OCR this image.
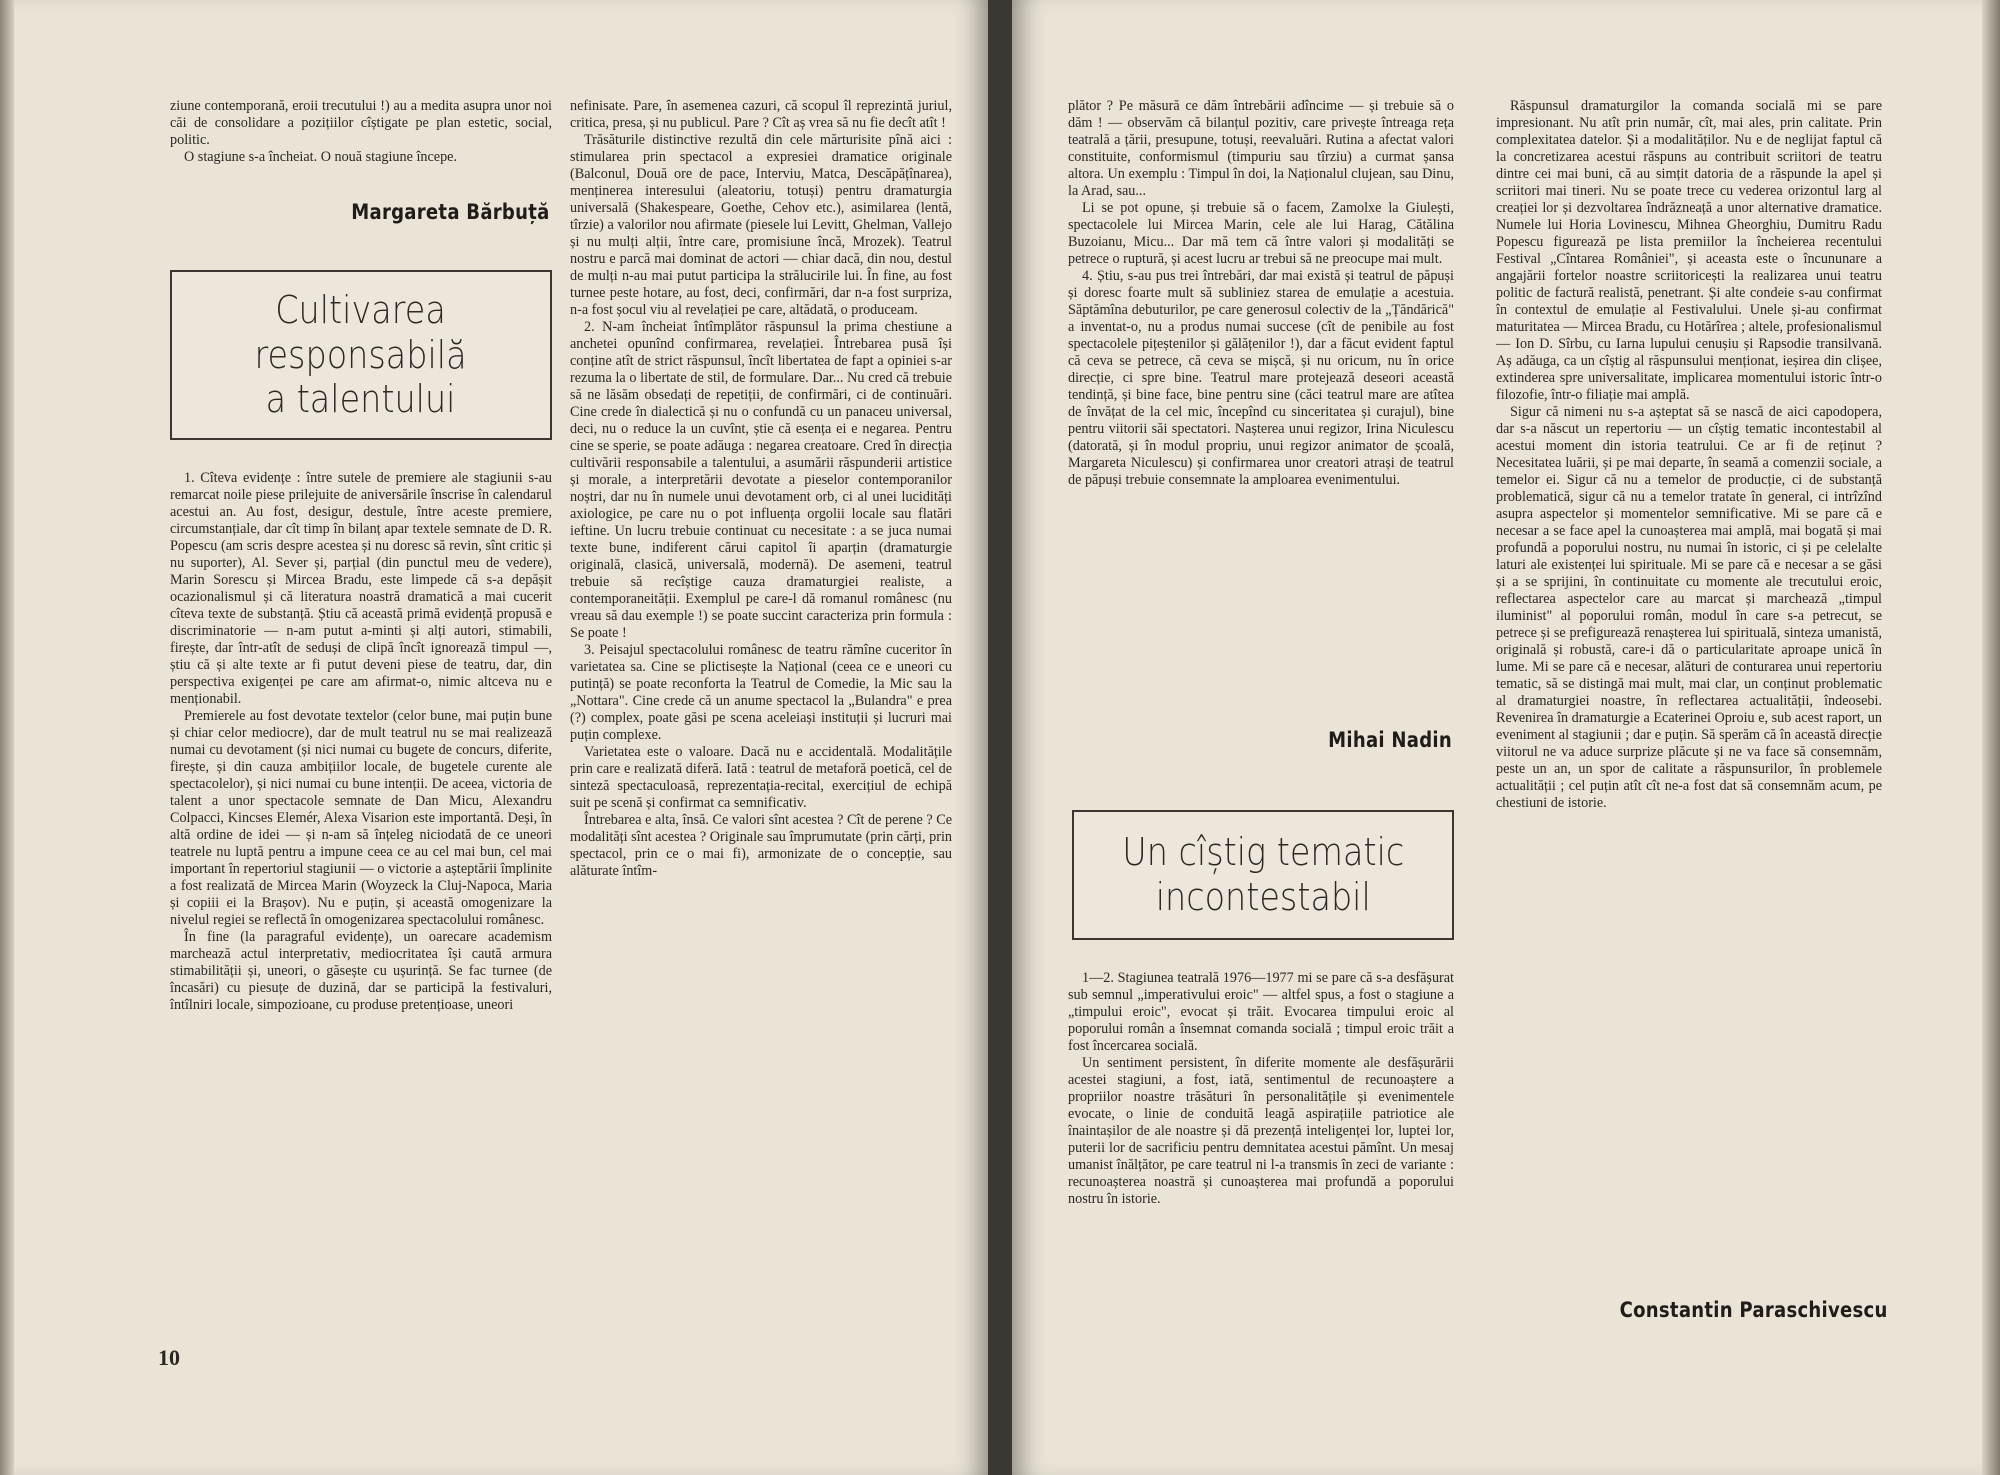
ziune contemporană, eroii trecutului !) au a medita asupra unor noi căi de consolidare a pozițiilor cîștigate pe plan estetic, social, politic.

O stagiune s-a încheiat. O nouă stagiune începe.

Margareta Bărbuță
Cultivarea
responsabilă
a talentului

1. Cîteva evidențe : între sutele de premiere ale stagiunii s-au remarcat noile piese prilejuite de aniversările înscrise în calendarul acestui an. Au fost, desigur, destule, între aceste premiere, circumstanțiale, dar cît timp în bilanț apar textele semnate de D. R. Popescu (am scris despre acestea și nu doresc să revin, sînt critic și nu suporter), Al. Sever și, parțial (din punctul meu de vedere), Marin Sorescu și Mircea Bradu, este limpede că s-a depășit ocazionalismul și că literatura noastră dramatică a mai cucerit cîteva texte de substanță. Știu că această primă evidență propusă e discriminatorie — n-am putut a-minti și alți autori, stimabili, firește, dar într-atît de seduși de clipă încît ignorează timpul —, știu că și alte texte ar fi putut deveni piese de teatru, dar, din perspectiva exigenței pe care am afirmat-o, nimic altceva nu e menționabil.

Premierele au fost devotate textelor (celor bune, mai puțin bune și chiar celor mediocre), dar de mult teatrul nu se mai realizează numai cu devotament (și nici numai cu bugete de concurs, diferite, firește, și din cauza ambițiilor locale, de bugetele curente ale spectacolelor), și nici numai cu bune intenții. De aceea, victoria de talent a unor spectacole semnate de Dan Micu, Alexandru Colpacci, Kincses Elemér, Alexa Visarion este importantă. Deși, în altă ordine de idei — și n-am să înțeleg niciodată de ce uneori teatrele nu luptă pentru a impune ceea ce au cel mai bun, cel mai important în repertoriul stagiunii — o victorie a așteptării împlinite a fost realizată de Mircea Marin (Woyzeck la Cluj-Napoca, Maria și copiii ei la Brașov). Nu e puțin, și această omogenizare la nivelul regiei se reflectă în omogenizarea spectacolului românesc.

În fine (la paragraful evidențe), un oarecare academism marchează actul interpretativ, mediocritatea își caută armura stimabilității și, uneori, o găsește cu ușurință. Se fac turnee (de încasări) cu piesuțe de duzină, dar se participă la festivaluri, întîlniri locale, simpozioane, cu produse pretențioase, uneori

nefinisate. Pare, în asemenea cazuri, că scopul îl reprezintă juriul, critica, presa, și nu publicul. Pare ? Cît aș vrea să nu fie decît atît !

Trăsăturile distinctive rezultă din cele mărturisite pînă aici : stimularea prin spectacol a expresiei dramatice originale (Balconul, Două ore de pace, Interviu, Matca, Descăpățînarea), menținerea interesului (aleatoriu, totuși) pentru dramaturgia universală (Shakespeare, Goethe, Cehov etc.), asimilarea (lentă, tîrzie) a valorilor nou afirmate (piesele lui Levitt, Ghelman, Vallejo și nu mulți alții, între care, promisiune încă, Mrozek). Teatrul nostru e parcă mai dominat de actori — chiar dacă, din nou, destul de mulți n-au mai putut participa la strălucirile lui. În fine, au fost turnee peste hotare, au fost, deci, confirmări, dar n-a fost surpriza, n-a fost șocul viu al revelației pe care, altădată, o produceam.

2. N-am încheiat întîmplător răspunsul la prima chestiune a anchetei opunînd confirmarea, revelației. Întrebarea pusă își conține atît de strict răspunsul, încît libertatea de fapt a opiniei s-ar rezuma la o libertate de stil, de formulare. Dar... Nu cred că trebuie să ne lăsăm obsedați de repetiții, de confirmări, ci de continuări. Cine crede în dialectică și nu o confundă cu un panaceu universal, deci, nu o reduce la un cuvînt, știe că esența ei e negarea. Pentru cine se sperie, se poate adăuga : negarea creatoare. Cred în direcția cultivării responsabile a talentului, a asumării răspunderii artistice și morale, a interpretării devotate a pieselor contemporanilor noștri, dar nu în numele unui devotament orb, ci al unei lucidități axiologice, pe care nu o pot influența orgolii locale sau flatări ieftine. Un lucru trebuie continuat cu necesitate : a se juca numai texte bune, indiferent cărui capitol îi aparțin (dramaturgie originală, clasică, universală, modernă). De asemeni, teatrul trebuie să recîștige cauza dramaturgiei realiste, a contemporaneității. Exemplul pe care-l dă romanul românesc (nu vreau să dau exemple !) se poate succint caracteriza prin formula : Se poate !

3. Peisajul spectacolului românesc de teatru rămîne cuceritor în varietatea sa. Cine se plictisește la Național (ceea ce e uneori cu putință) se poate reconforta la Teatrul de Comedie, la Mic sau la „Nottara". Cine crede că un anume spectacol la „Bulandra" e prea (?) complex, poate găsi pe scena aceleiași instituții și lucruri mai puțin complexe.

Varietatea este o valoare. Dacă nu e accidentală. Modalitățile prin care e realizată diferă. Iată : teatrul de metaforă poetică, cel de sinteză spectaculoasă, reprezentația-recital, exercițiul de echipă suit pe scenă și confirmat ca semnificativ.

Întrebarea e alta, însă. Ce valori sînt acestea ? Cît de perene ? Ce modalități sînt acestea ? Originale sau împrumutate (prin cărți, prin spectacol, prin ce o mai fi), armonizate de o concepție, sau alăturate întîm-

10

plător ? Pe măsură ce dăm întrebării adîncime — și trebuie să o dăm ! — observăm că bilanțul pozitiv, care privește întreaga reța teatrală a țării, presupune, totuși, reevaluări. Rutina a afectat valori constituite, conformismul (timpuriu sau tîrziu) a curmat șansa altora. Un exemplu : Timpul în doi, la Naționalul clujean, sau Dinu, la Arad, sau...

Li se pot opune, și trebuie să o facem, Zamolxe la Giulești, spectacolele lui Mircea Marin, cele ale lui Harag, Cătălina Buzoianu, Micu... Dar mă tem că între valori și modalități se petrece o ruptură, și acest lucru ar trebui să ne preocupe mai mult.

4. Știu, s-au pus trei întrebări, dar mai există și teatrul de păpuși și doresc foarte mult să subliniez starea de emulație a acestuia. Săptămîna debuturilor, pe care generosul colectiv de la „Țăndărică" a inventat-o, nu a produs numai succese (cît de penibile au fost spectacolele pițeștenilor și gălățenilor !), dar a făcut evident faptul că ceva se petrece, că ceva se mișcă, și nu oricum, nu în orice direcție, ci spre bine. Teatrul mare protejează deseori această tendință, și bine face, bine pentru sine (căci teatrul mare are atîtea de învățat de la cel mic, începînd cu sinceritatea și curajul), bine pentru viitorii săi spectatori. Nașterea unui regizor, Irina Niculescu (datorată, și în modul propriu, unui regizor animator de școală, Margareta Niculescu) și confirmarea unor creatori atrași de teatrul de păpuși trebuie consemnate la amploarea evenimentului.

Mihai Nadin
Un cîștig tematic
incontestabil

1—2. Stagiunea teatrală 1976—1977 mi se pare că s-a desfășurat sub semnul „imperativului eroic" — altfel spus, a fost o stagiune a „timpului eroic", evocat și trăit. Evocarea timpului eroic al poporului român a însemnat comanda socială ; timpul eroic trăit a fost încercarea socială.

Un sentiment persistent, în diferite momente ale desfășurării acestei stagiuni, a fost, iată, sentimentul de recunoaștere a propriilor noastre trăsături în personalitățile și evenimentele evocate, o linie de conduită leagă aspirațiile patriotice ale înaintașilor de ale noastre și dă prezență inteligenței lor, luptei lor, puterii lor de sacrificiu pentru demnitatea acestui pămînt. Un mesaj umanist înălțător, pe care teatrul ni l-a transmis în zeci de variante : recunoașterea noastră și cunoașterea mai profundă a poporului nostru în istorie.

Răspunsul dramaturgilor la comanda socială mi se pare impresionant. Nu atît prin număr, cît, mai ales, prin calitate. Prin complexitatea datelor. Și a modalităților. Nu e de neglijat faptul că la concretizarea acestui răspuns au contribuit scriitori de teatru dintre cei mai buni, că au simțit datoria de a răspunde la apel și scriitori mai tineri. Nu se poate trece cu vederea orizontul larg al creației lor și dezvoltarea îndrăzneață a unor alternative dramatice. Numele lui Horia Lovinescu, Mihnea Gheorghiu, Dumitru Radu Popescu figurează pe lista premiilor la încheierea recentului Festival „Cîntarea României", și aceasta este o încununare a angajării fortelor noastre scriitoricești la realizarea unui teatru politic de factură realistă, penetrant. Și alte condeie s-au confirmat în contextul de emulație al Festivalului. Unele și-au confirmat maturitatea — Mircea Bradu, cu Hotărîrea ; altele, profesionalismul — Ion D. Sîrbu, cu Iarna lupului cenușiu și Rapsodie transilvană. Aș adăuga, ca un cîștig al răspunsului menționat, ieșirea din clișee, extinderea spre universalitate, implicarea momentului istoric într-o filozofie, într-o filiație mai amplă.

Sigur că nimeni nu s-a așteptat să se nască de aici capodopera, dar s-a născut un repertoriu — un cîștig tematic incontestabil al acestui moment din istoria teatrului. Ce ar fi de reținut ? Necesitatea luării, și pe mai departe, în seamă a comenzii sociale, a temelor ei. Sigur că nu a temelor de producție, ci de substanță problematică, sigur că nu a temelor tratate în general, ci intrîzînd asupra aspectelor și momentelor semnificative. Mi se pare că e necesar a se face apel la cunoașterea mai amplă, mai bogată și mai profundă a poporului nostru, nu numai în istoric, ci și pe celelalte laturi ale existenței lui spirituale. Mi se pare că e necesar a se găsi și a se sprijini, în continuitate cu momente ale trecutului eroic, reflectarea aspectelor care au marcat și marchează „timpul iluminist" al poporului român, modul în care s-a petrecut, se petrece și se prefigurează renașterea lui spirituală, sinteza umanistă, originală și robustă, care-i dă o particularitate aproape unică în lume. Mi se pare că e necesar, alături de conturarea unui repertoriu tematic, să se distingă mai mult, mai clar, un conținut problematic al dramaturgiei noastre, în reflectarea actualității, îndeosebi. Revenirea în dramaturgie a Ecaterinei Oproiu e, sub acest raport, un eveniment al stagiunii ; dar e puțin. Să sperăm că în această direcție viitorul ne va aduce surprize plăcute și ne va face să consemnăm, peste un an, un spor de calitate a răspunsurilor, în problemele actualității ; cel puțin atît cît ne-a fost dat să consemnăm acum, pe chestiuni de istorie.

Constantin Paraschivescu
